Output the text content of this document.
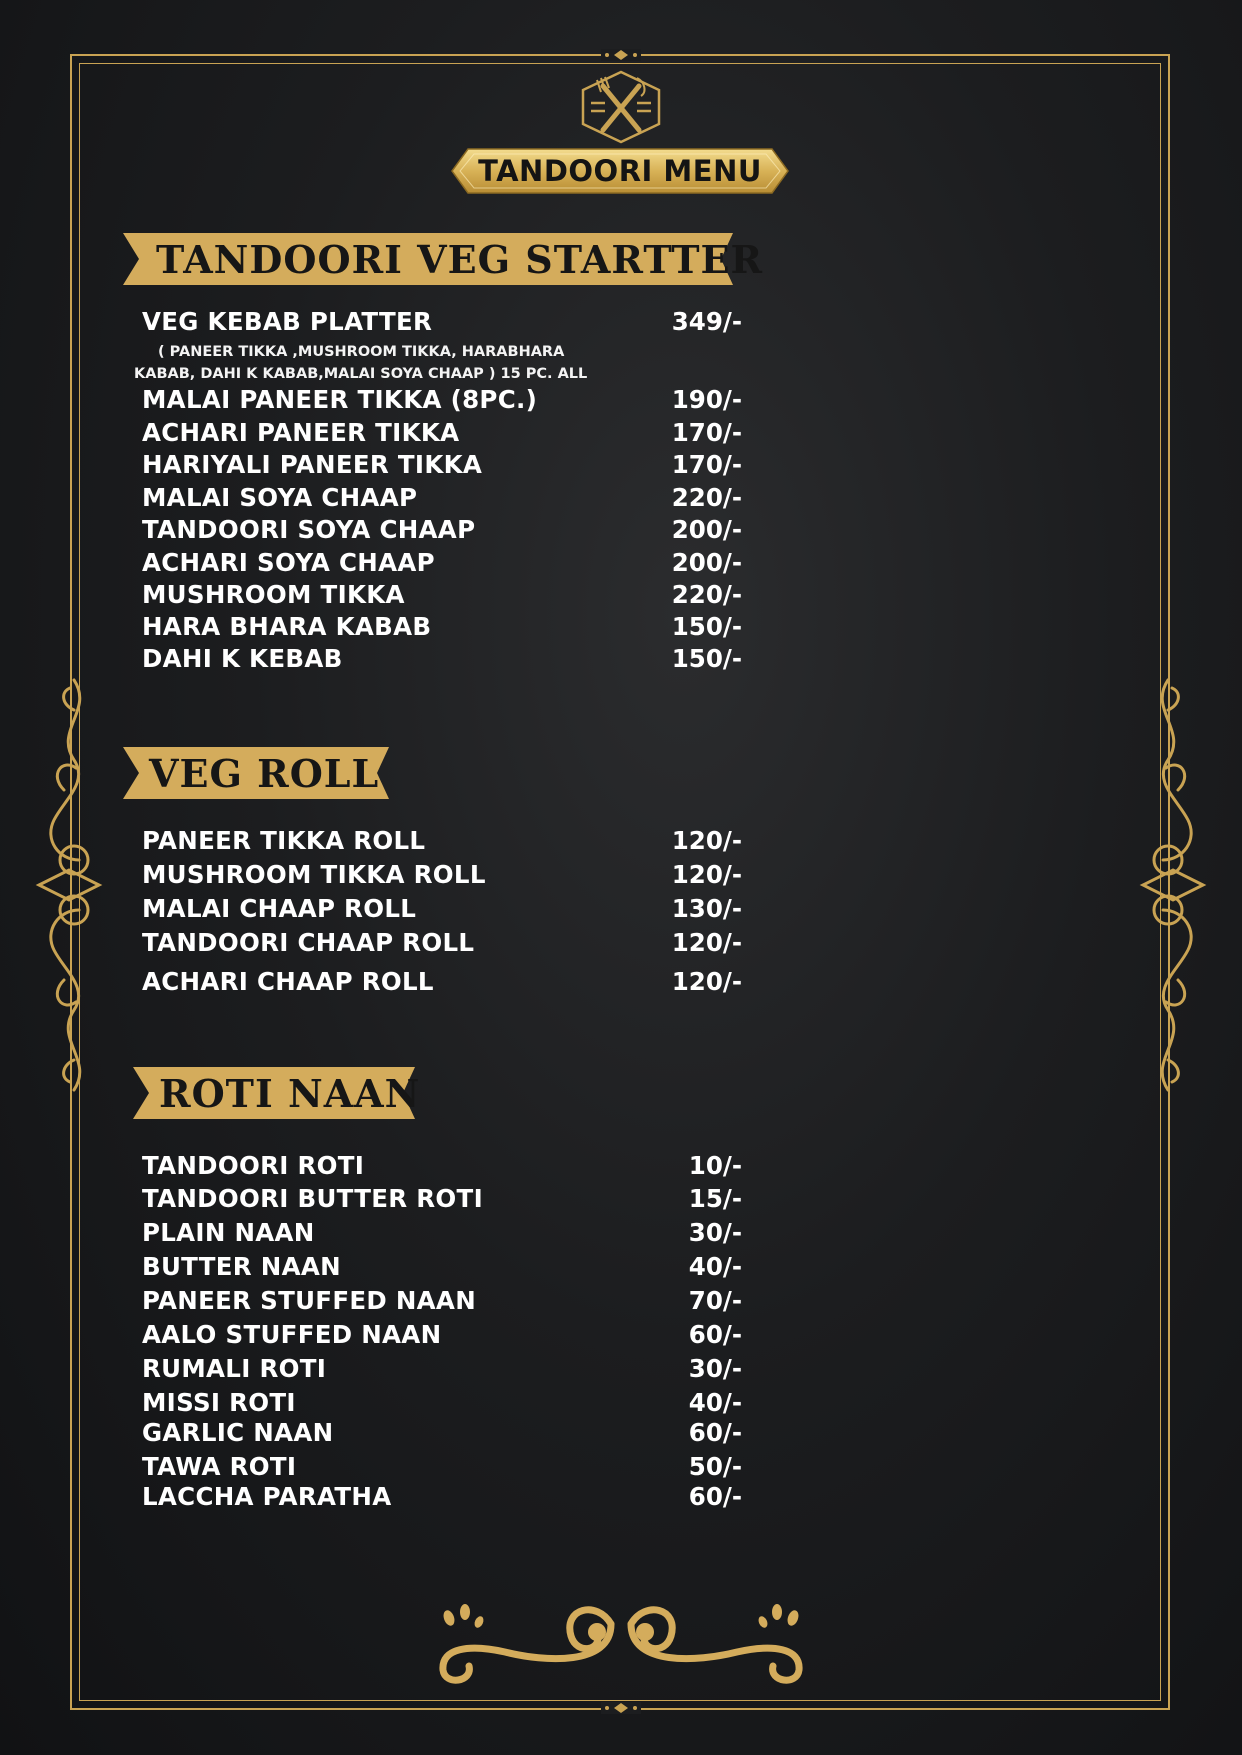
TANDOORI MENU
TANDOORI VEG STARTTER
VEG KEBAB PLATTER	349/-
( PANEER TIKKA ,MUSHROOM TIKKA, HARABHARA
KABAB, DAHI K KABAB,MALAI SOYA CHAAP ) 15 PC. ALL
MALAI PANEER TIKKA (8PC.)	190/-
ACHARI PANEER TIKKA	170/-
HARIYALI PANEER TIKKA	170/-
MALAI SOYA CHAAP	220/-
TANDOORI SOYA CHAAP	200/-
ACHARI SOYA CHAAP	200/-
MUSHROOM TIKKA	220/-
HARA BHARA KABAB	150/-
DAHI K KEBAB	150/-
VEG ROLL
PANEER TIKKA ROLL	120/-
MUSHROOM TIKKA ROLL	120/-
MALAI CHAAP ROLL	130/-
TANDOORI CHAAP ROLL	120/-
ACHARI CHAAP ROLL	120/-
ROTI NAAN
TANDOORI ROTI	10/-
TANDOORI BUTTER ROTI	15/-
PLAIN NAAN	30/-
BUTTER NAAN	40/-
PANEER STUFFED NAAN	70/-
AALO STUFFED NAAN	60/-
RUMALI ROTI	30/-
MISSI ROTI	40/-
GARLIC NAAN	60/-
TAWA ROTI	50/-
LACCHA PARATHA	60/-
